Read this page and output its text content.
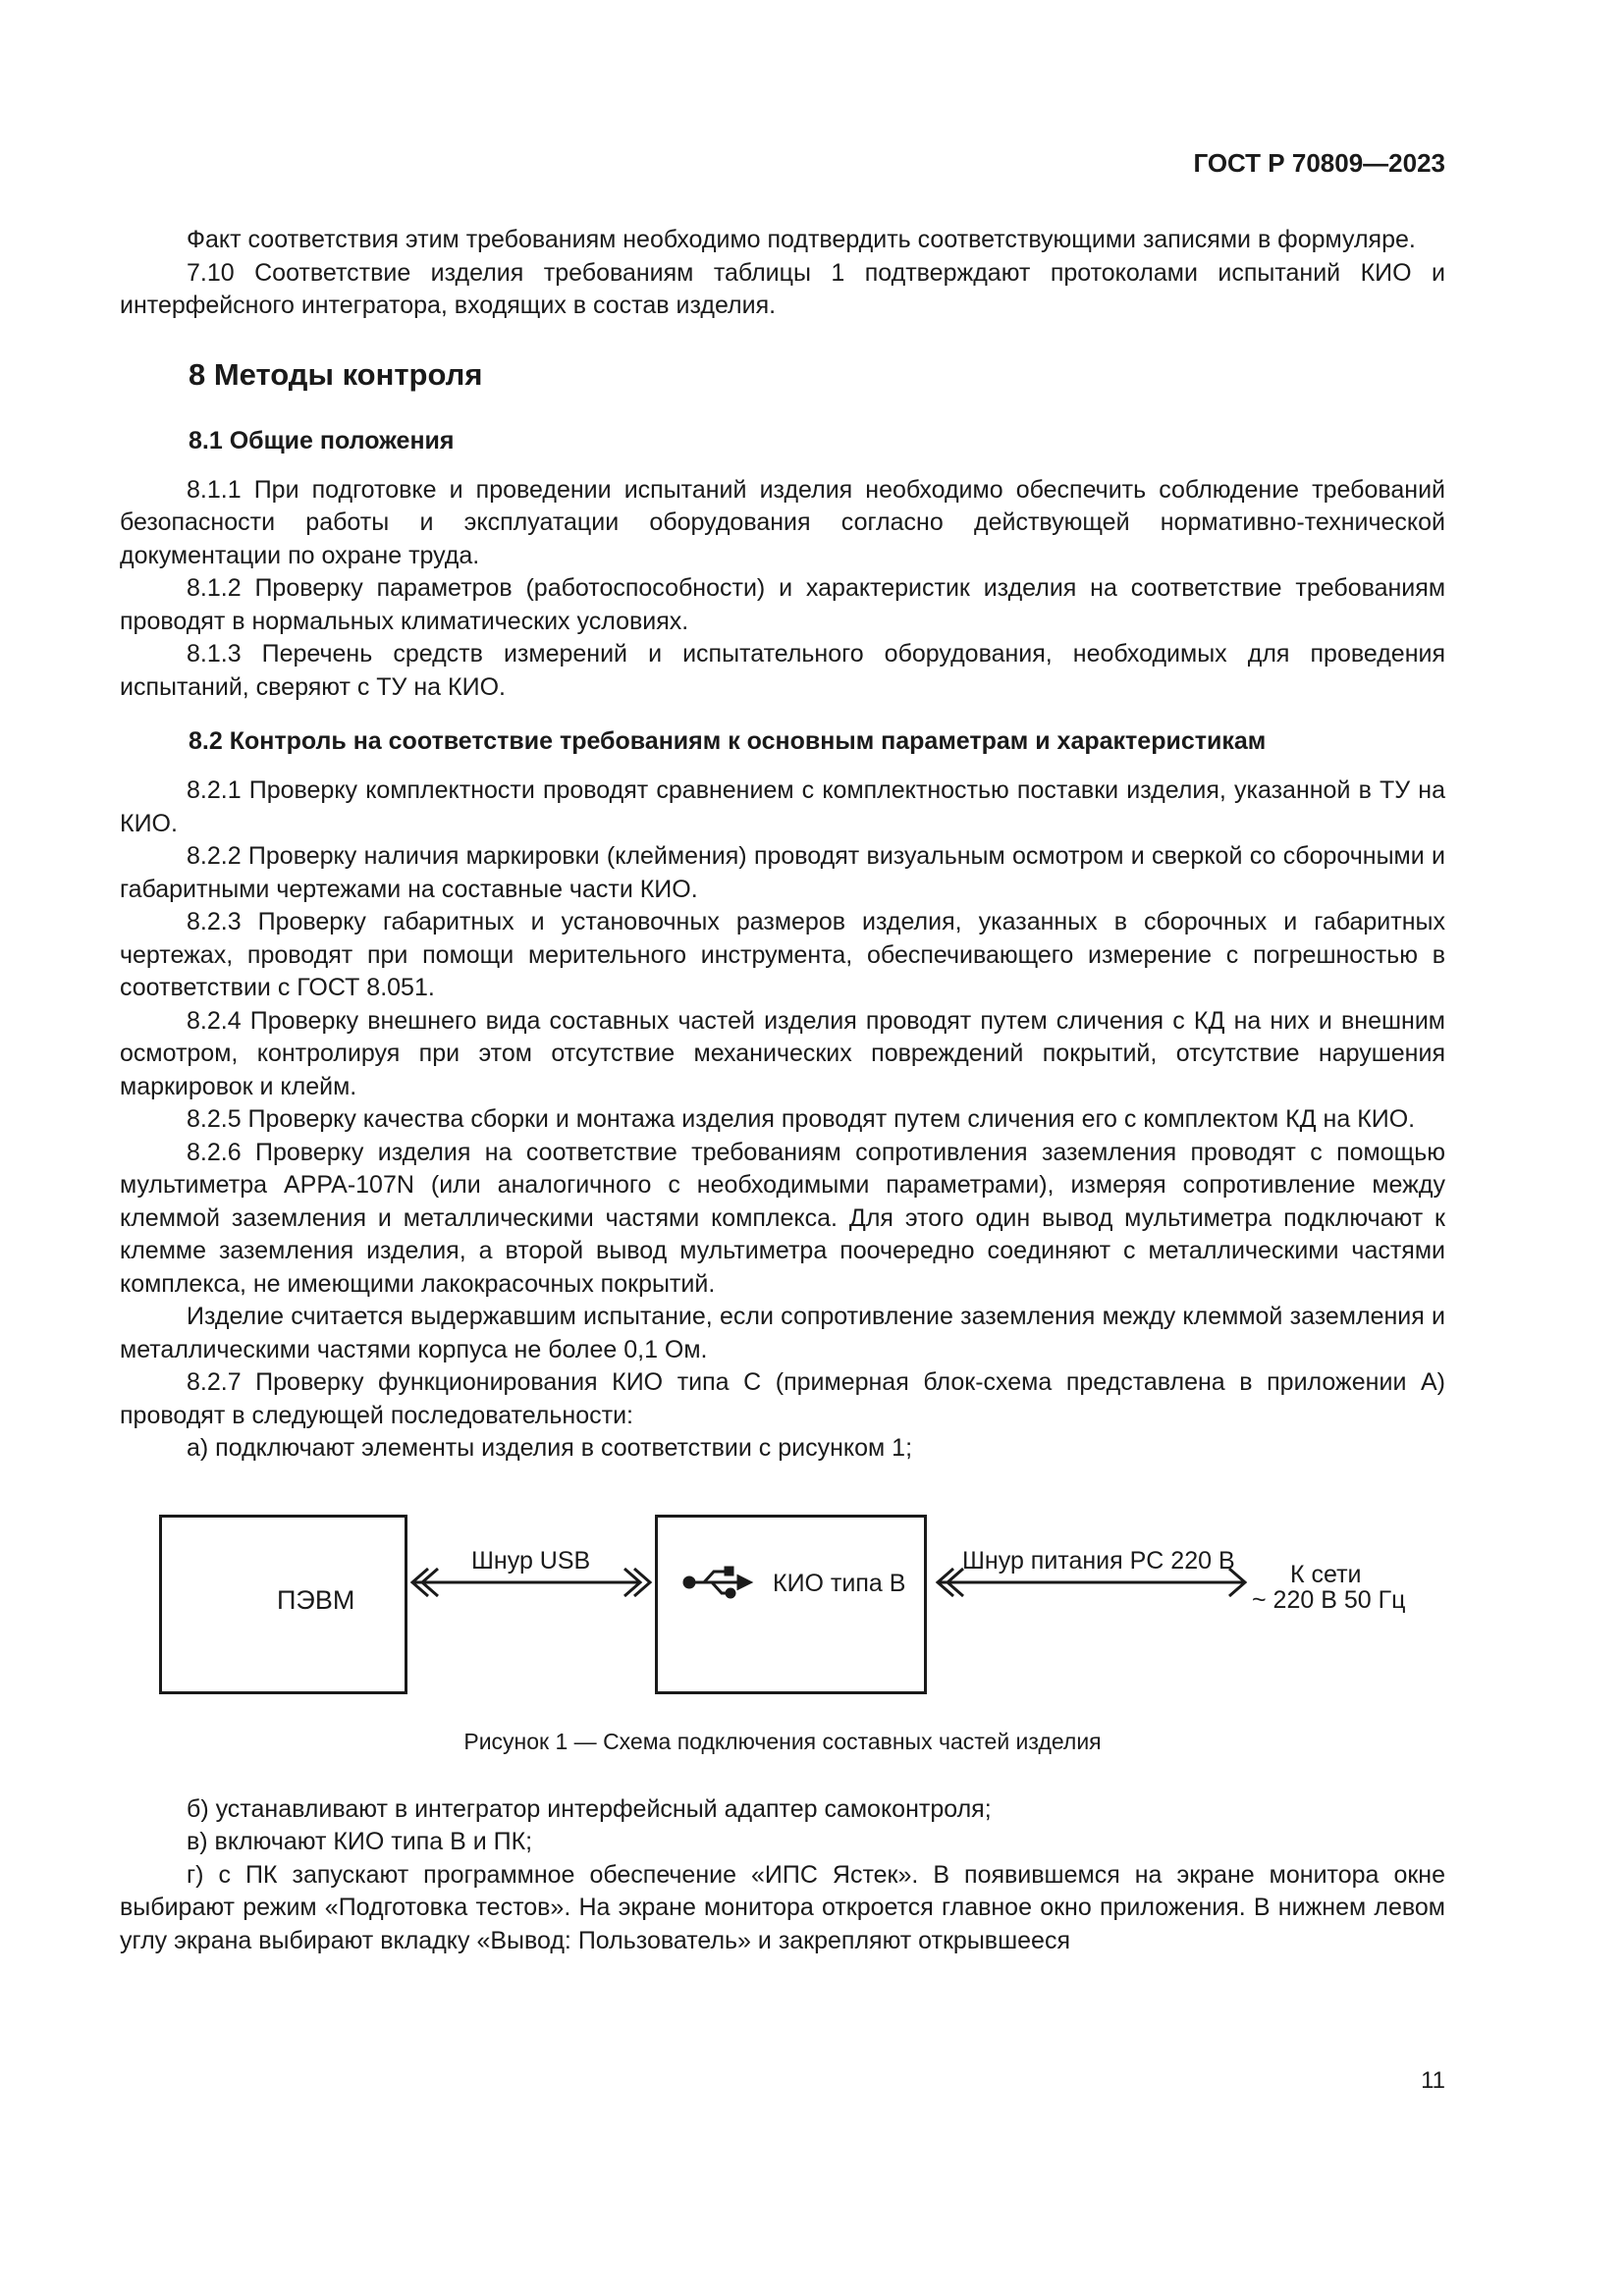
ГОСТ Р 70809—2023

Факт соответствия этим требованиям необходимо подтвердить соответствующими записями в формуляре.

7.10 Соответствие изделия требованиям таблицы 1 подтверждают протоколами испытаний КИО и интерфейсного интегратора, входящих в состав изделия.

8 Методы контроля
8.1 Общие положения

8.1.1 При подготовке и проведении испытаний изделия необходимо обеспечить соблюдение требований безопасности работы и эксплуатации оборудования согласно действующей нормативно-технической документации по охране труда.

8.1.2 Проверку параметров (работоспособности) и характеристик изделия на соответствие требованиям проводят в нормальных климатических условиях.

8.1.3 Перечень средств измерений и испытательного оборудования, необходимых для проведения испытаний, сверяют с ТУ на КИО.

8.2 Контроль на соответствие требованиям к основным параметрам и характеристикам

8.2.1 Проверку комплектности проводят сравнением с комплектностью поставки изделия, указанной в ТУ на КИО.

8.2.2 Проверку наличия маркировки (клеймения) проводят визуальным осмотром и сверкой со сборочными и габаритными чертежами на составные части КИО.

8.2.3 Проверку габаритных и установочных размеров изделия, указанных в сборочных и габаритных чертежах, проводят при помощи мерительного инструмента, обеспечивающего измерение с погрешностью в соответствии с ГОСТ 8.051.

8.2.4 Проверку внешнего вида составных частей изделия проводят путем сличения с КД на них и внешним осмотром, контролируя при этом отсутствие механических повреждений покрытий, отсутствие нарушения маркировок и клейм.

8.2.5 Проверку качества сборки и монтажа изделия проводят путем сличения его с комплектом КД на КИО.

8.2.6 Проверку изделия на соответствие требованиям сопротивления заземления проводят с помощью мультиметра APPA-107N (или аналогичного с необходимыми параметрами), измеряя сопротивление между клеммой заземления и металлическими частями комплекса. Для этого один вывод мультиметра подключают к клемме заземления изделия, а второй вывод мультиметра поочередно соединяют с металлическими частями комплекса, не имеющими лакокрасочных покрытий.

Изделие считается выдержавшим испытание, если сопротивление заземления между клеммой заземления и металлическими частями корпуса не более 0,1 Ом.

8.2.7 Проверку функционирования КИО типа С (примерная блок-схема представлена в приложении А) проводят в следующей последовательности:

а) подключают элементы изделия в соответствии с рисунком 1;

ПЭВМ
Шнур USB
КИО типа В
Шнур питания PC 220 В К сети
~ 220 В 50 Гц
Рисунок 1 — Схема подключения составных частей изделия

б) устанавливают в интегратор интерфейсный адаптер самоконтроля;

в) включают КИО типа В и ПК;

г) с ПК запускают программное обеспечение «ИПС Ястек». В появившемся на экране монитора окне выбирают режим «Подготовка тестов». На экране монитора откроется главное окно приложения. В нижнем левом углу экрана выбирают вкладку «Вывод: Пользователь» и закрепляют открывшееся

11
